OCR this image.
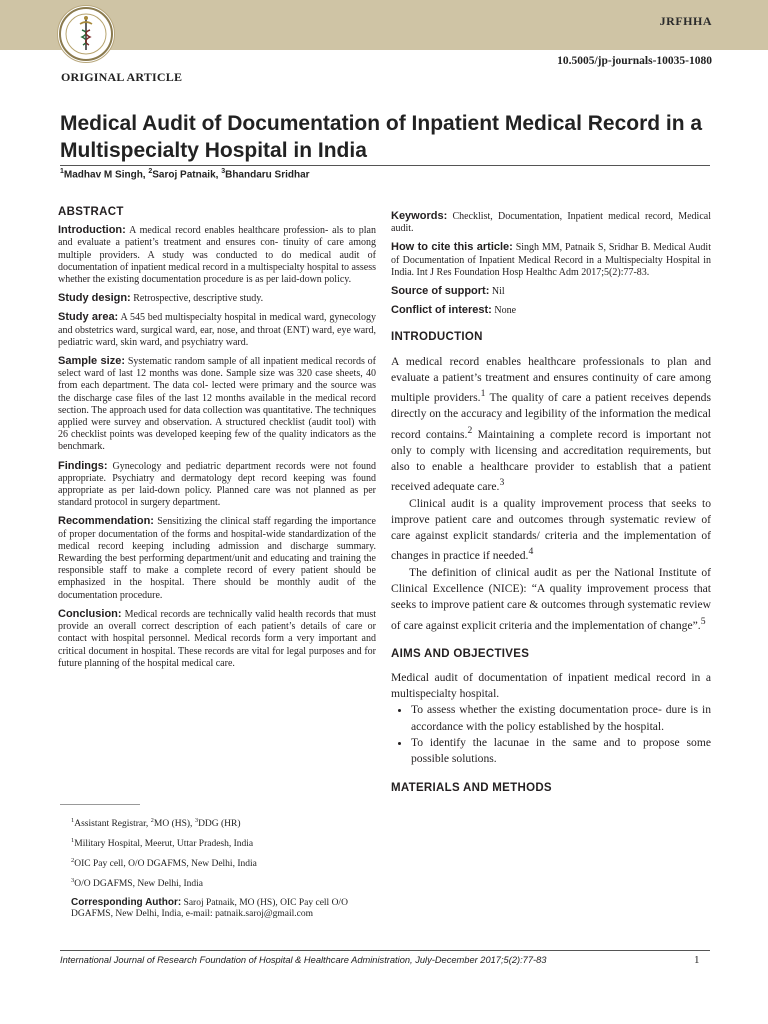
JRFHHA
10.5005/jp-journals-10035-1080
ORIGINAL ARTICLE
Medical Audit of Documentation of Inpatient Medical Record in a Multispecialty Hospital in India
$^1$Madhav M Singh, $^2$Saroj Patnaik, $^3$Bhandaru Sridhar
ABSTRACT

Introduction: A medical record enables healthcare profession- als to plan and evaluate a patient’s treatment and ensures con- tinuity of care among multiple providers. A study was conducted to do medical audit of documentation of inpatient medical record in a multispecialty hospital to assess whether the existing documentation procedure is as per laid-down policy.

Study design: Retrospective, descriptive study.

Study area: A 545 bed multispecialty hospital in medical ward, gynecology and obstetrics ward, surgical ward, ear, nose, and throat (ENT) ward, eye ward, pediatric ward, skin ward, and psychiatry ward.

Sample size: Systematic random sample of all inpatient medical records of select ward of last 12 months was done. Sample size was 320 case sheets, 40 from each department. The data col- lected were primary and the source was the discharge case files of the last 12 months available in the medical record section. The approach used for data collection was quantitative. The techniques applied were survey and observation. A structured checklist (audit tool) with 26 checklist points was developed keeping few of the quality indicators as the benchmark.

Findings: Gynecology and pediatric department records were not found appropriate. Psychiatry and dermatology dept record keeping was found appropriate as per laid-down policy. Planned care was not planned as per standard protocol in surgery department.

Recommendation: Sensitizing the clinical staff regarding the importance of proper documentation of the forms and hospital-wide standardization of the medical record keeping including admission and discharge summary. Rewarding the best performing department/unit and educating and training the responsible staff to make a complete record of every patient should be emphasized in the hospital. There should be monthly audit of the documentation procedure.

Conclusion: Medical records are technically valid health records that must provide an overall correct description of each patient’s details of care or contact with hospital personnel. Medical records form a very important and critical document in hospital. These records are vital for legal purposes and for future planning of the hospital medical care.

$^1$Assistant Registrar, $^2$MO (HS), $^3$DDG (HR)
$^1$Military Hospital, Meerut, Uttar Pradesh, India
$^2$OIC Pay cell, O/O DGAFMS, New Delhi, India
$^3$O/O DGAFMS, New Delhi, India
Corresponding Author: Saroj Patnaik, MO (HS), OIC Pay cell O/O DGAFMS, New Delhi, India, e-mail: patnaik.saroj@gmail.com

Keywords: Checklist, Documentation, Inpatient medical record, Medical audit.

How to cite this article: Singh MM, Patnaik S, Sridhar B. Medical Audit of Documentation of Inpatient Medical Record in a Multispecialty Hospital in India. Int J Res Foundation Hosp Healthc Adm 2017;5(2):77-83.

Source of support: Nil

Conflict of interest: None

INTRODUCTION

A medical record enables healthcare professionals to plan and evaluate a patient’s treatment and ensures continuity of care among multiple providers.$^1$ The quality of care a patient receives depends directly on the accuracy and legibility of the information the medical record contains.$^2$ Maintaining a complete record is important not only to comply with licensing and accreditation requirements, but also to enable a healthcare provider to establish that a patient received adequate care.$^3$

Clinical audit is a quality improvement process that seeks to improve patient care and outcomes through systematic review of care against explicit standards/ criteria and the implementation of changes in practice if needed.$^4$

The definition of clinical audit as per the National Institute of Clinical Excellence (NICE): “A quality improvement process that seeks to improve patient care & outcomes through systematic review of care against explicit criteria and the implementation of change”.$^5$

AIMS AND OBJECTIVES

Medical audit of documentation of inpatient medical record in a multispecialty hospital.

• To assess whether the existing documentation proce- dure is in accordance with the policy established by the hospital.
• To identify the lacunae in the same and to propose some possible solutions.
MATERIALS AND METHODS
International Journal of Research Foundation of Hospital & Healthcare Administration, July-December 2017;5(2):77-83	1
